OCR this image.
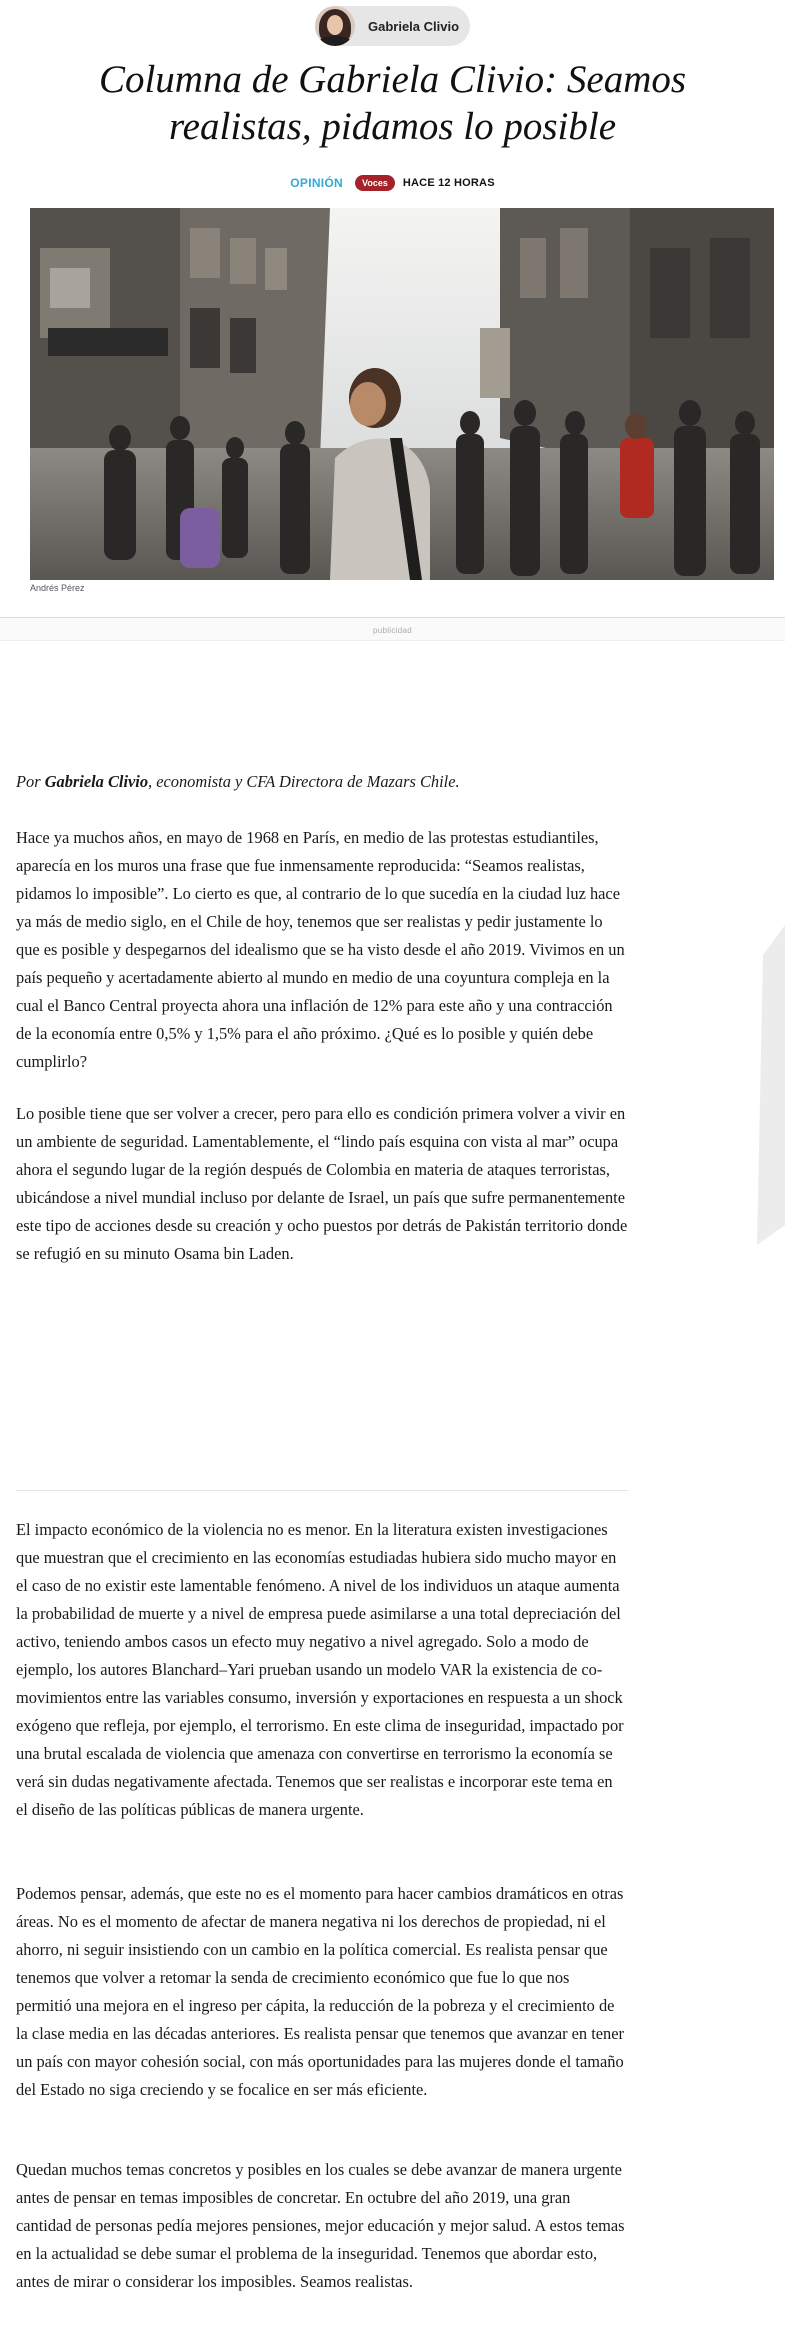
Gabriela Clivio
Columna de Gabriela Clivio: Seamos realistas, pidamos lo posible
OPINIÓN	Voces	HACE 12 HORAS
Andrés Pérez
publicidad

Por Gabriela Clivio, economista y CFA Directora de Mazars Chile.

Hace ya muchos años, en mayo de 1968 en París, en medio de las protestas estudiantiles, aparecía en los muros una frase que fue inmensamente reproducida: “Seamos realistas, pidamos lo imposible”. Lo cierto es que, al contrario de lo que sucedía en la ciudad luz hace ya más de medio siglo, en el Chile de hoy, tenemos que ser realistas y pedir justamente lo que es posible y despegarnos del idealismo que se ha visto desde el año 2019. Vivimos en un país pequeño y acertadamente abierto al mundo en medio de una coyuntura compleja en la cual el Banco Central proyecta ahora una inflación de 12% para este año y una contracción de la economía entre 0,5% y 1,5% para el año próximo. ¿Qué es lo posible y quién debe cumplirlo?

Lo posible tiene que ser volver a crecer, pero para ello es condición primera volver a vivir en un ambiente de seguridad. Lamentablemente, el “lindo país esquina con vista al mar” ocupa ahora el segundo lugar de la región después de Colombia en materia de ataques terroristas, ubicándose a nivel mundial incluso por delante de Israel, un país que sufre permanentemente este tipo de acciones desde su creación y ocho puestos por detrás de Pakistán territorio donde se refugió en su minuto Osama bin Laden.

El impacto económico de la violencia no es menor. En la literatura existen investigaciones que muestran que el crecimiento en las economías estudiadas hubiera sido mucho mayor en el caso de no existir este lamentable fenómeno. A nivel de los individuos un ataque aumenta la probabilidad de muerte y a nivel de empresa puede asimilarse a una total depreciación del activo, teniendo ambos casos un efecto muy negativo a nivel agregado. Solo a modo de ejemplo, los autores Blanchard–Yari prueban usando un modelo VAR la existencia de co-movimientos entre las variables consumo, inversión y exportaciones en respuesta a un shock exógeno que refleja, por ejemplo, el terrorismo. En este clima de inseguridad, impactado por una brutal escalada de violencia que amenaza con convertirse en terrorismo la economía se verá sin dudas negativamente afectada. Tenemos que ser realistas e incorporar este tema en el diseño de las políticas públicas de manera urgente.

Podemos pensar, además, que este no es el momento para hacer cambios dramáticos en otras áreas. No es el momento de afectar de manera negativa ni los derechos de propiedad, ni el ahorro, ni seguir insistiendo con un cambio en la política comercial. Es realista pensar que tenemos que volver a retomar la senda de crecimiento económico que fue lo que nos permitió una mejora en el ingreso per cápita, la reducción de la pobreza y el crecimiento de la clase media en las décadas anteriores. Es realista pensar que tenemos que avanzar en tener un país con mayor cohesión social, con más oportunidades para las mujeres donde el tamaño del Estado no siga creciendo y se focalice en ser más eficiente.

Quedan muchos temas concretos y posibles en los cuales se debe avanzar de manera urgente antes de pensar en temas imposibles de concretar. En octubre del año 2019, una gran cantidad de personas pedía mejores pensiones, mejor educación y mejor salud. A estos temas en la actualidad se debe sumar el problema de la inseguridad. Tenemos que abordar esto, antes de mirar o considerar los imposibles. Seamos realistas.
